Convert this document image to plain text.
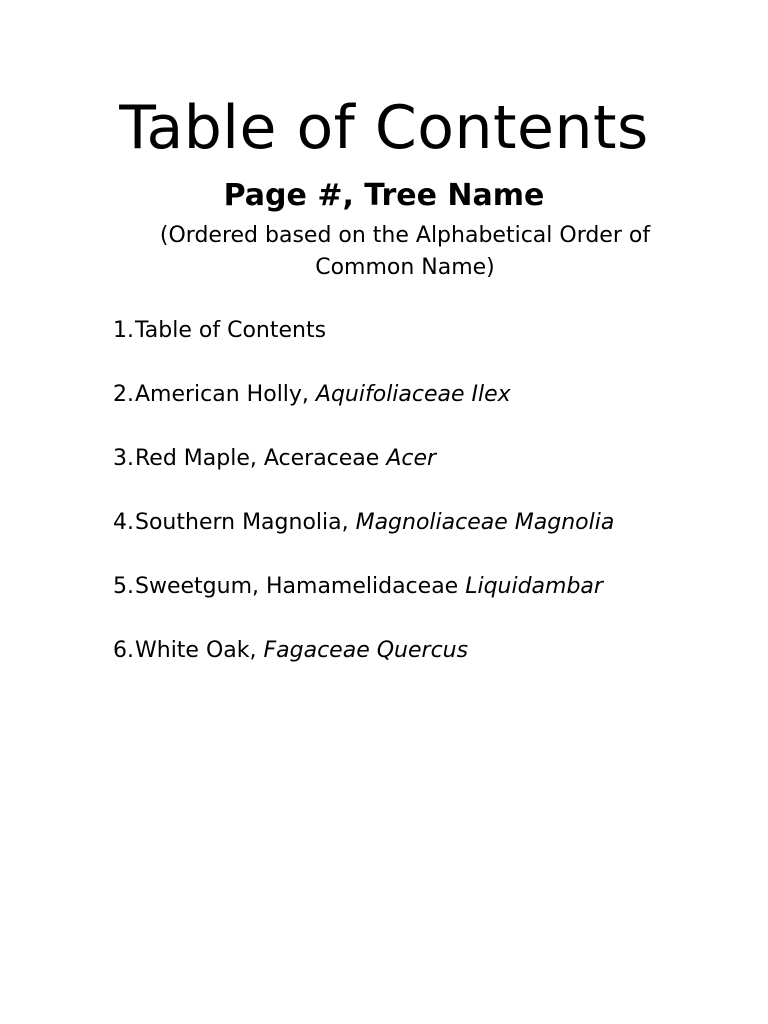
Table of Contents
Page #, Tree Name

(Ordered based on the Alphabetical Order of Common Name)

1. Table of Contents
2. American Holly, Aquifoliaceae Ilex
3. Red Maple, Aceraceae Acer
4. Southern Magnolia, Magnoliaceae Magnolia
5. Sweetgum, Hamamelidaceae Liquidambar
6. White Oak, Fagaceae Quercus
